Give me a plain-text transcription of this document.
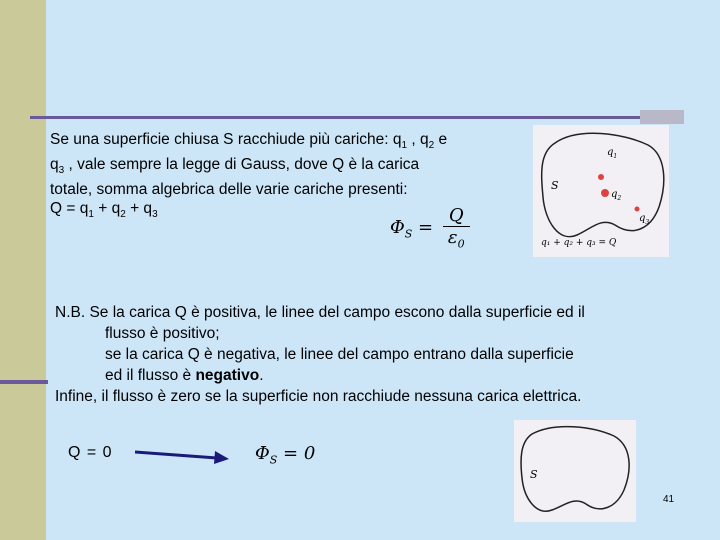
Se una superficie chiusa S racchiude più cariche: $q_1$ , $q_2$ e
$q_3$ , vale sempre la legge di Gauss, dove Q è la carica
totale, somma algebrica delle varie cariche presenti:
$Q = q_1 + q_2 + q_3$
$\Phi_S = \frac{Q}{\varepsilon_0}$
$q_1$
$q_2$
$q_3$
S
q₁ + q₂ + q₃ = Q
N.B. Se la carica Q è positiva, le linee del campo escono dalla superficie ed il

flusso è positivo;
se la carica Q è negativa, le linee del campo entrano dalla superficie
ed il flusso è negativo.
Infine, il flusso è zero se la superficie non racchiude nessuna carica elettrica.
Q = 0	$\Phi_S = 0$
S
41
